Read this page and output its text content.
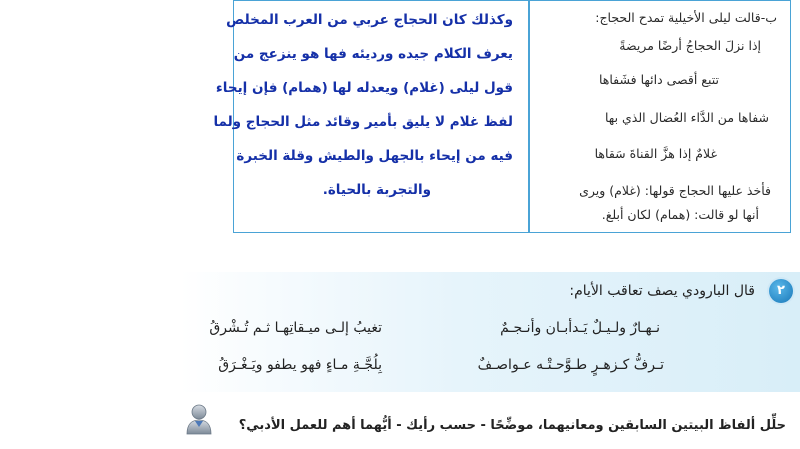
ب-قالت ليلى الأخيلية تمدح الحجاج:
إذا نزلَ الحجاجُ أرضًا مريضةً
تتبع أقصى دائها فشَفاها
شفاها من الدَّاء العُضال الذي بها
غلامٌ إذا هزَّ القناةَ سَقاها
فأخذ عليها الحجاج قولها: (غلام) ويرى
أنها لو قالت: (همام) لكان أبلغ.
وكذلك كان الحجاج عربي من العرب المخلص
يعرف الكلام جيده ورديئه فها هو ينزعج من
قول ليلى (غلام) ويعدله لها (همام) فإن إيحاء
لفظ غلام لا يليق بأمير وقائد مثل الحجاج ولما
فيه من إيحاء بالجهل والطيش وقلة الخبرة
والتجربة بالحياة.
٢
قال البارودي يصف تعاقب الأيام:
نـهـارٌ ولـيـلٌ يَـدأبـان وأنـجـمٌ
تغيبُ إلـى ميـقاتِهـا ثـم تُـشْرقُ
تـرفُّ كـزهـرٍ طـوَّحـتْـه عـواصـفٌ
بِلُجَّـةِ مـاءٍ فهو يطفو ويَـغْـرَقُ
حلِّل ألفاظ البيتين السابقين ومعانيهما، موضِّحًا - حسب رأيك - أيُّهما أهم للعمل الأدبي؟
